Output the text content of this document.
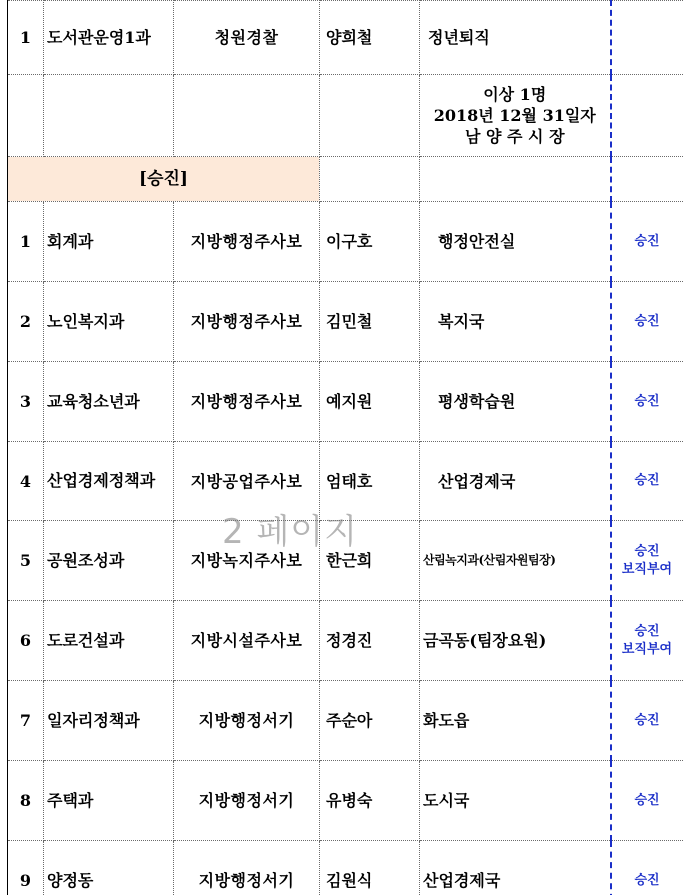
1	도서관운영1과	청원경찰	양희철	정년퇴직	

				이상 1명
2018년 12월 31일자
남 양 주 시 장	

[승진]					
1	회계과	지방행정주사보	이구호	행정안전실	승진

2	노인복지과	지방행정주사보	김민철	복지국	승진

3	교육청소년과	지방행정주사보	예지원	평생학습원	승진

4	산업경제정책과	지방공업주사보	엄태호	산업경제국	승진

5	공원조성과	지방녹지주사보	한근희	산림녹지과(산림자원팀장)	승진
보직부여

6	도로건설과	지방시설주사보	정경진	금곡동(팀장요원)	승진
보직부여

7	일자리정책과	지방행정서기	주순아	화도읍	승진

8	주택과	지방행정서기	유병숙	도시국	승진

9	양정동	지방행정서기	김원식	산업경제국	승진
2 페이지
